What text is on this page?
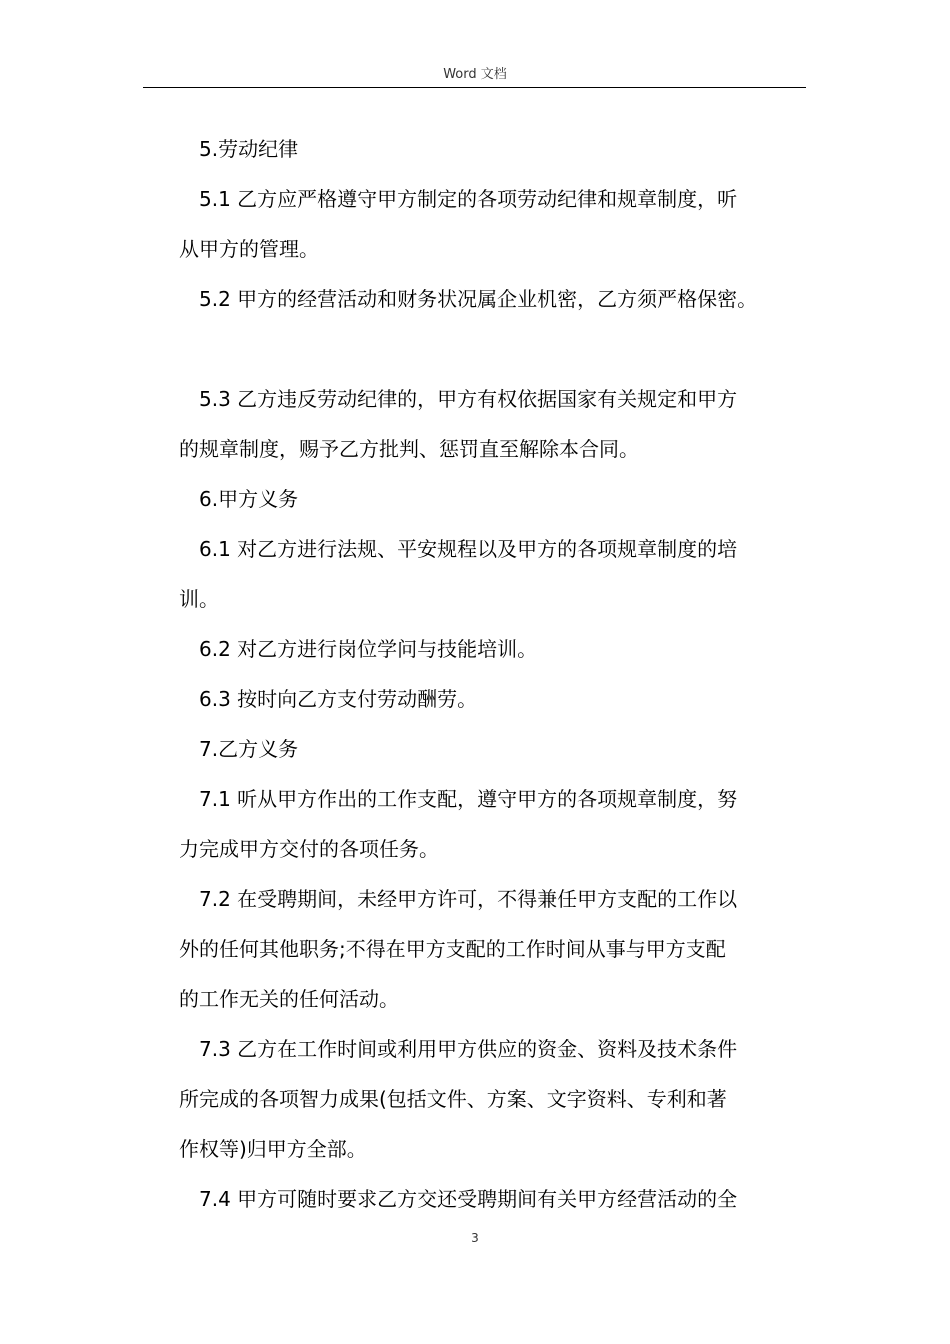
Word 文档

5.劳动纪律

5.1 乙方应严格遵守甲方制定的各项劳动纪律和规章制度，听
从甲方的管理。

5.2 甲方的经营活动和财务状况属企业机密，乙方须严格保密。

5.3 乙方违反劳动纪律的，甲方有权依据国家有关规定和甲方
的规章制度，赐予乙方批判、惩罚直至解除本合同。

6.甲方义务

6.1 对乙方进行法规、平安规程以及甲方的各项规章制度的培
训。

6.2 对乙方进行岗位学问与技能培训。

6.3 按时向乙方支付劳动酬劳。

7.乙方义务

7.1 听从甲方作出的工作支配，遵守甲方的各项规章制度，努
力完成甲方交付的各项任务。

7.2 在受聘期间，未经甲方许可，不得兼任甲方支配的工作以
外的任何其他职务;不得在甲方支配的工作时间从事与甲方支配
的工作无关的任何活动。

7.3 乙方在工作时间或利用甲方供应的资金、资料及技术条件
所完成的各项智力成果(包括文件、方案、文字资料、专利和著
作权等)归甲方全部。

7.4 甲方可随时要求乙方交还受聘期间有关甲方经营活动的全

3
